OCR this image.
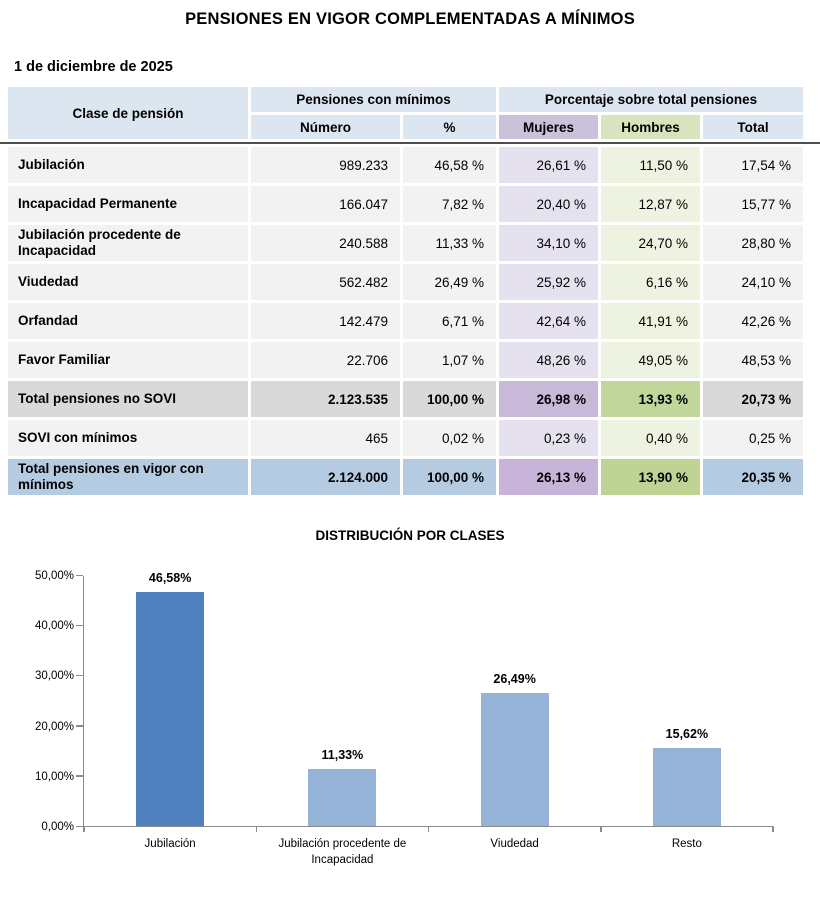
PENSIONES EN VIGOR COMPLEMENTADAS A MÍNIMOS
1 de diciembre de 2025
Clase de pensión	Pensiones con mínimos		Porcentaje sobre total pensiones		
	Número	%	Mujeres	Hombres	Total
Jubilación	989.233	46,58 %	26,61 %	11,50 %	17,54 %
Incapacidad Permanente	166.047	7,82 %	20,40 %	12,87 %	15,77 %
Jubilación procedente de Incapacidad	240.588	11,33 %	34,10 %	24,70 %	28,80 %
Viudedad	562.482	26,49 %	25,92 %	6,16 %	24,10 %
Orfandad	142.479	6,71 %	42,64 %	41,91 %	42,26 %
Favor Familiar	22.706	1,07 %	48,26 %	49,05 %	48,53 %
Total pensiones no SOVI	2.123.535	100,00 %	26,98 %	13,93 %	20,73 %
SOVI con mínimos	465	0,02 %	0,23 %	0,40 %	0,25 %
Total pensiones en vigor con mínimos	2.124.000	100,00 %	26,13 %	13,90 %	20,35 %
DISTRIBUCIÓN POR CLASES
0,00%
10,00%
20,00%
30,00%
40,00%
50,00%	46,58%
Jubilación
11,33%
Jubilación procedente de Incapacidad
26,49%
Viudedad
15,62%
Resto
